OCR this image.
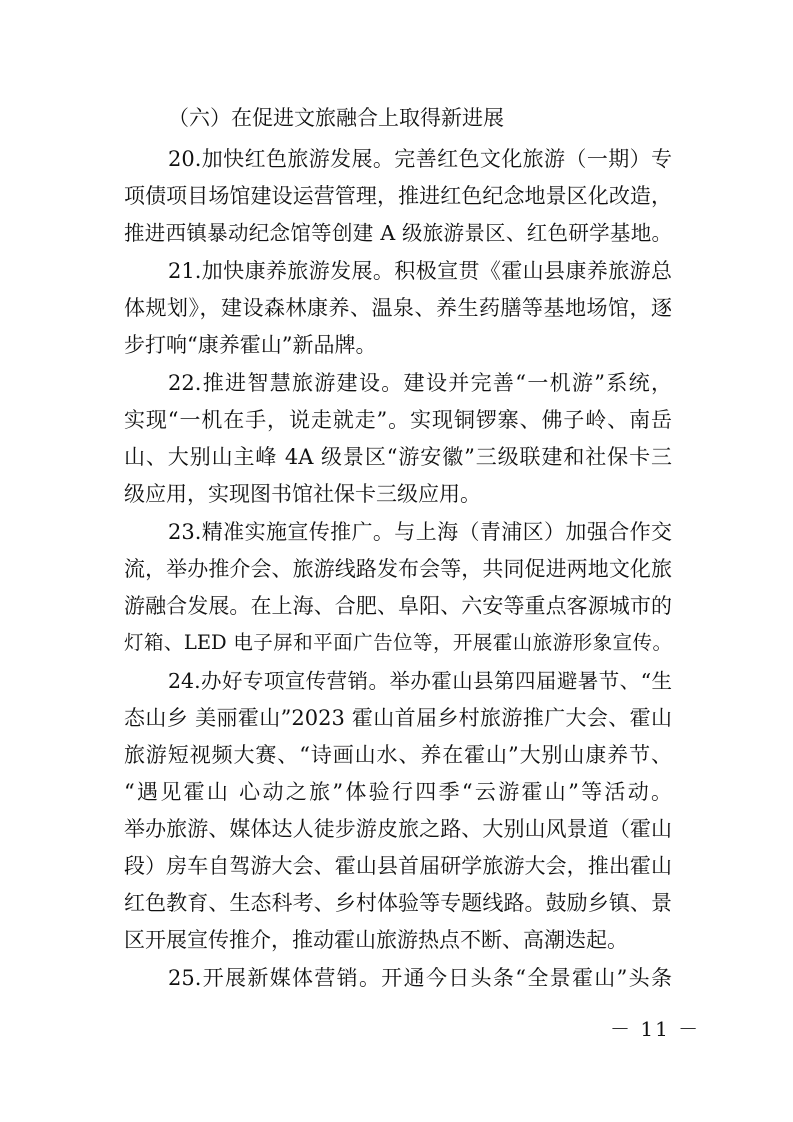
（六）在促进文旅融合上取得新进展
20.加快红色旅游发展。完善红色文化旅游（一期）专
项债项目场馆建设运营管理，推进红色纪念地景区化改造，
推进西镇暴动纪念馆等创建 A 级旅游景区、红色研学基地。
21.加快康养旅游发展。积极宣贯《霍山县康养旅游总
体规划》，建设森林康养、温泉、养生药膳等基地场馆，逐
步打响“康养霍山”新品牌。
22.推进智慧旅游建设。建设并完善“一机游”系统，
实现“一机在手，说走就走”。实现铜锣寨、佛子岭、南岳
山、大别山主峰 4A 级景区“游安徽”三级联建和社保卡三
级应用，实现图书馆社保卡三级应用。
23.精准实施宣传推广。与上海（青浦区）加强合作交
流，举办推介会、旅游线路发布会等，共同促进两地文化旅
游融合发展。在上海、合肥、阜阳、六安等重点客源城市的
灯箱、LED 电子屏和平面广告位等，开展霍山旅游形象宣传。
24.办好专项宣传营销。举办霍山县第四届避暑节、“生
态山乡 美丽霍山”2023 霍山首届乡村旅游推广大会、霍山
旅游短视频大赛、“诗画山水、养在霍山”大别山康养节、
“遇见霍山 心动之旅”体验行四季“云游霍山”等活动。
举办旅游、媒体达人徒步游皮旅之路、大别山风景道（霍山
段）房车自驾游大会、霍山县首届研学旅游大会，推出霍山
红色教育、生态科考、乡村体验等专题线路。鼓励乡镇、景
区开展宣传推介，推动霍山旅游热点不断、高潮迭起。
25.开展新媒体营销。开通今日头条“全景霍山”头条
－ 11 －
